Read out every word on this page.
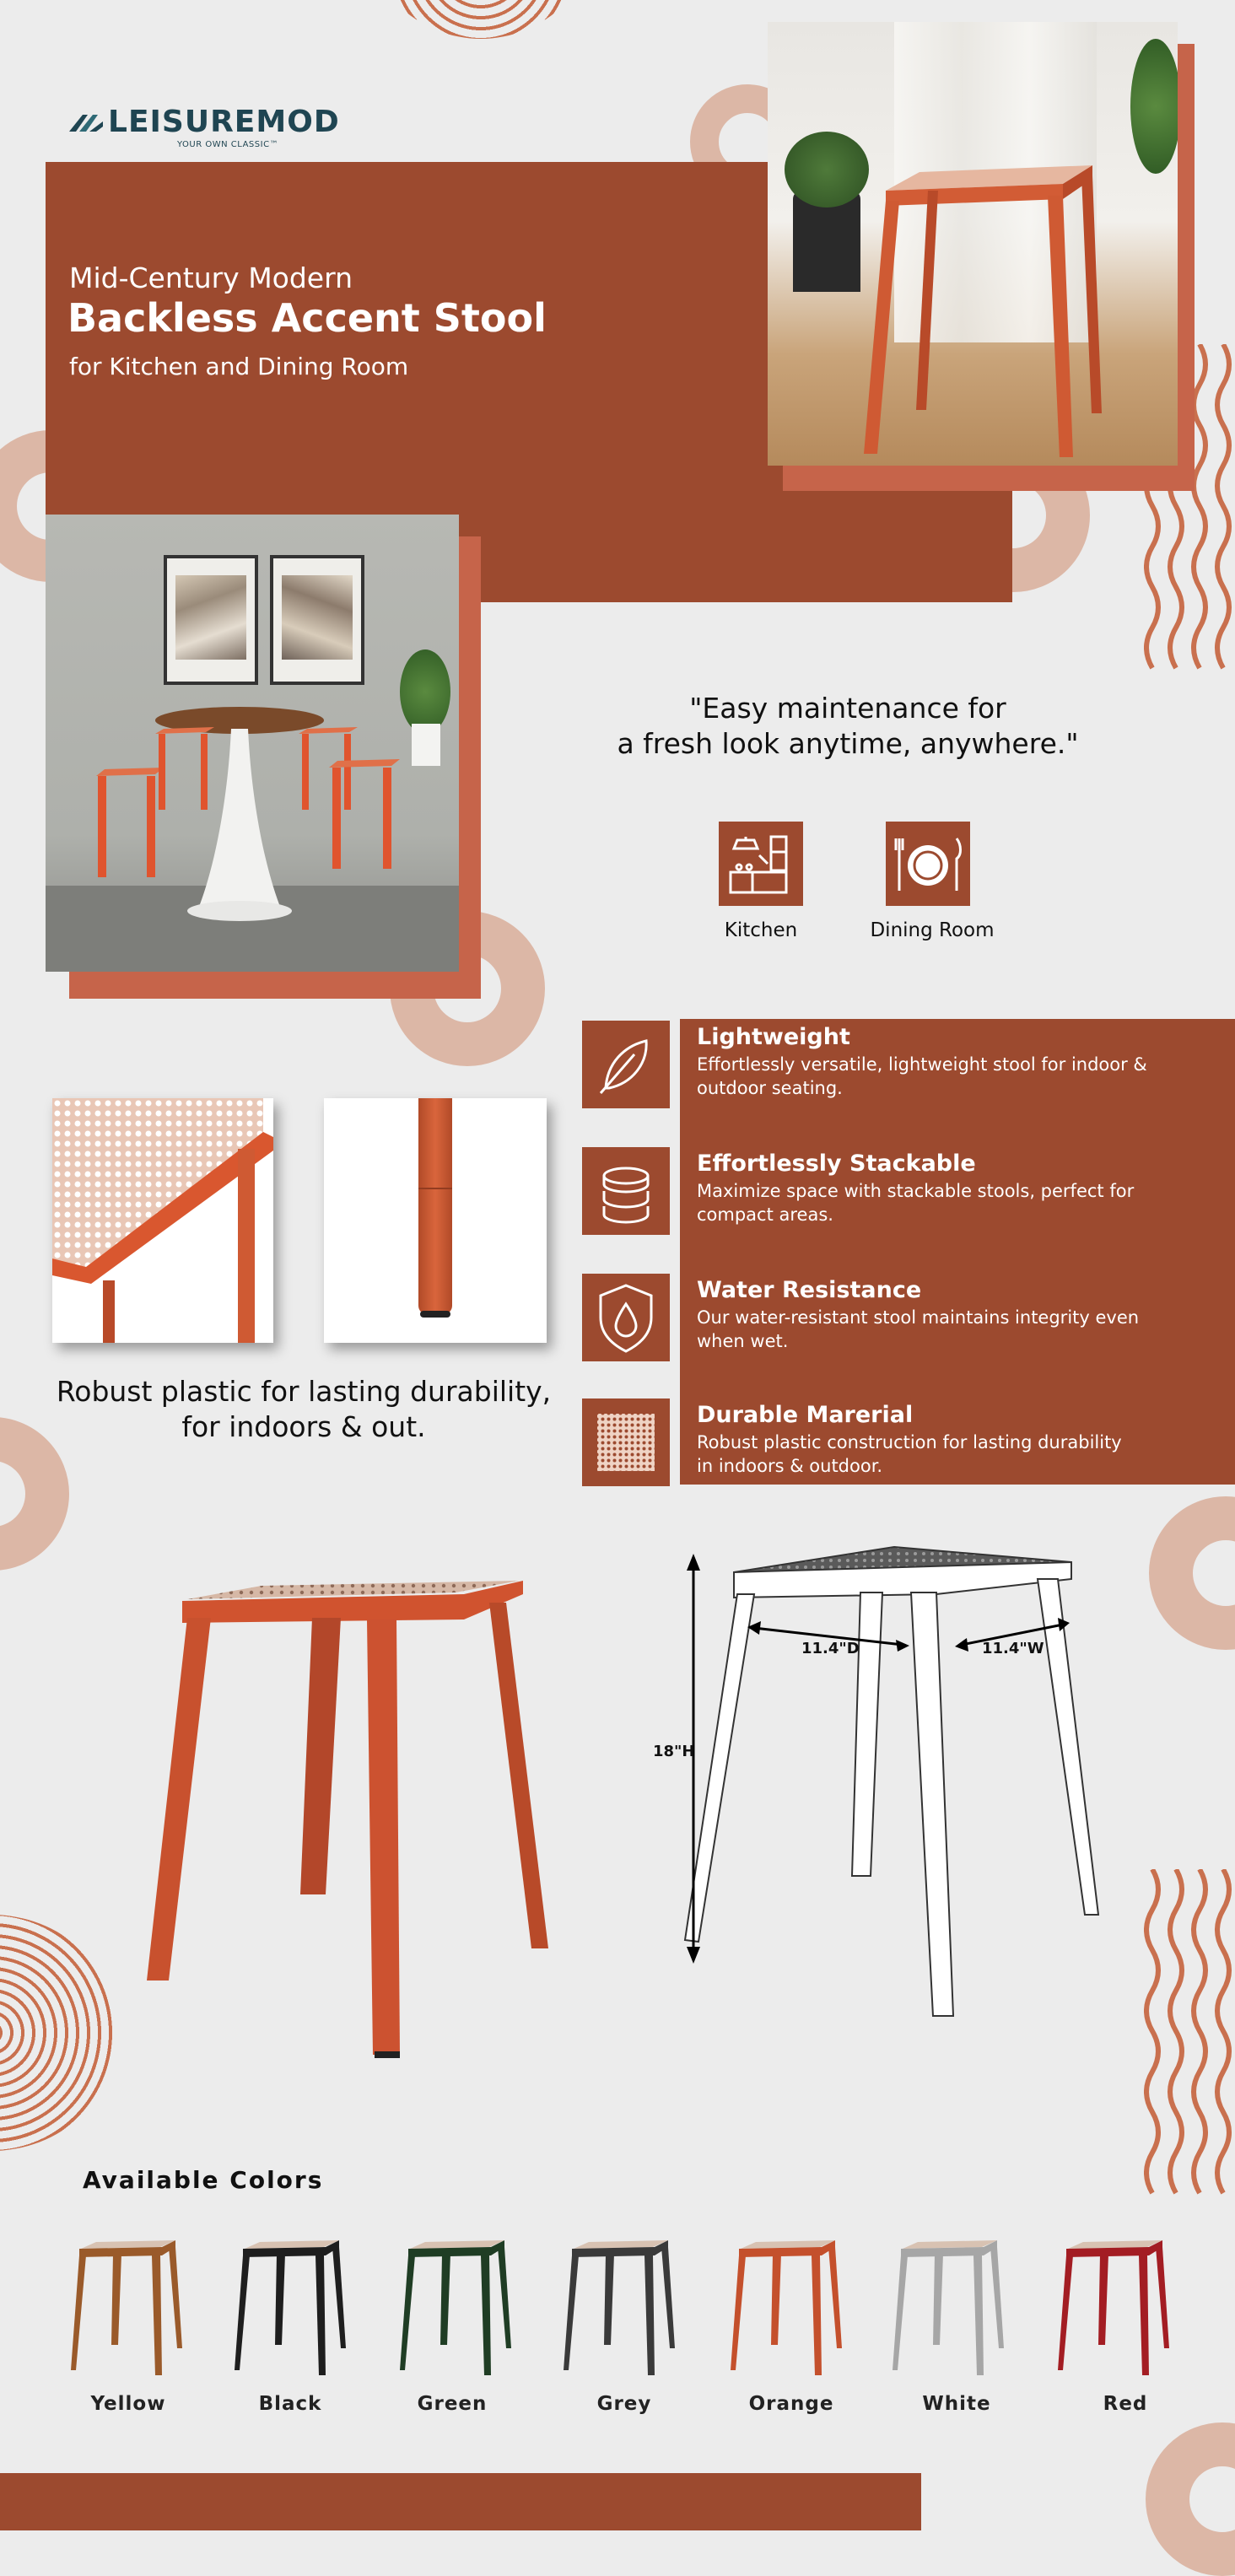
LEISUREMOD
YOUR OWN CLASSIC™
Mid-Century Modern
Backless Accent Stool
for Kitchen and Dining Room
"Easy maintenance for
a fresh look anytime, anywhere."
Kitchen	Dining Room
Lightweight
Effortlessly versatile, lightweight stool for indoor &
outdoor seating.
Effortlessly Stackable
Maximize space with stackable stools, perfect for
compact areas.
Water Resistance
Our water-resistant stool maintains integrity even
when wet.
Durable Marerial
Robust plastic construction for lasting durability
in indoors & outdoor.
Robust plastic for lasting durability,
for indoors & out.
18"H
11.4"D	11.4"W
Available Colors
Yellow	Black	Green	Grey	Orange	White	Red
